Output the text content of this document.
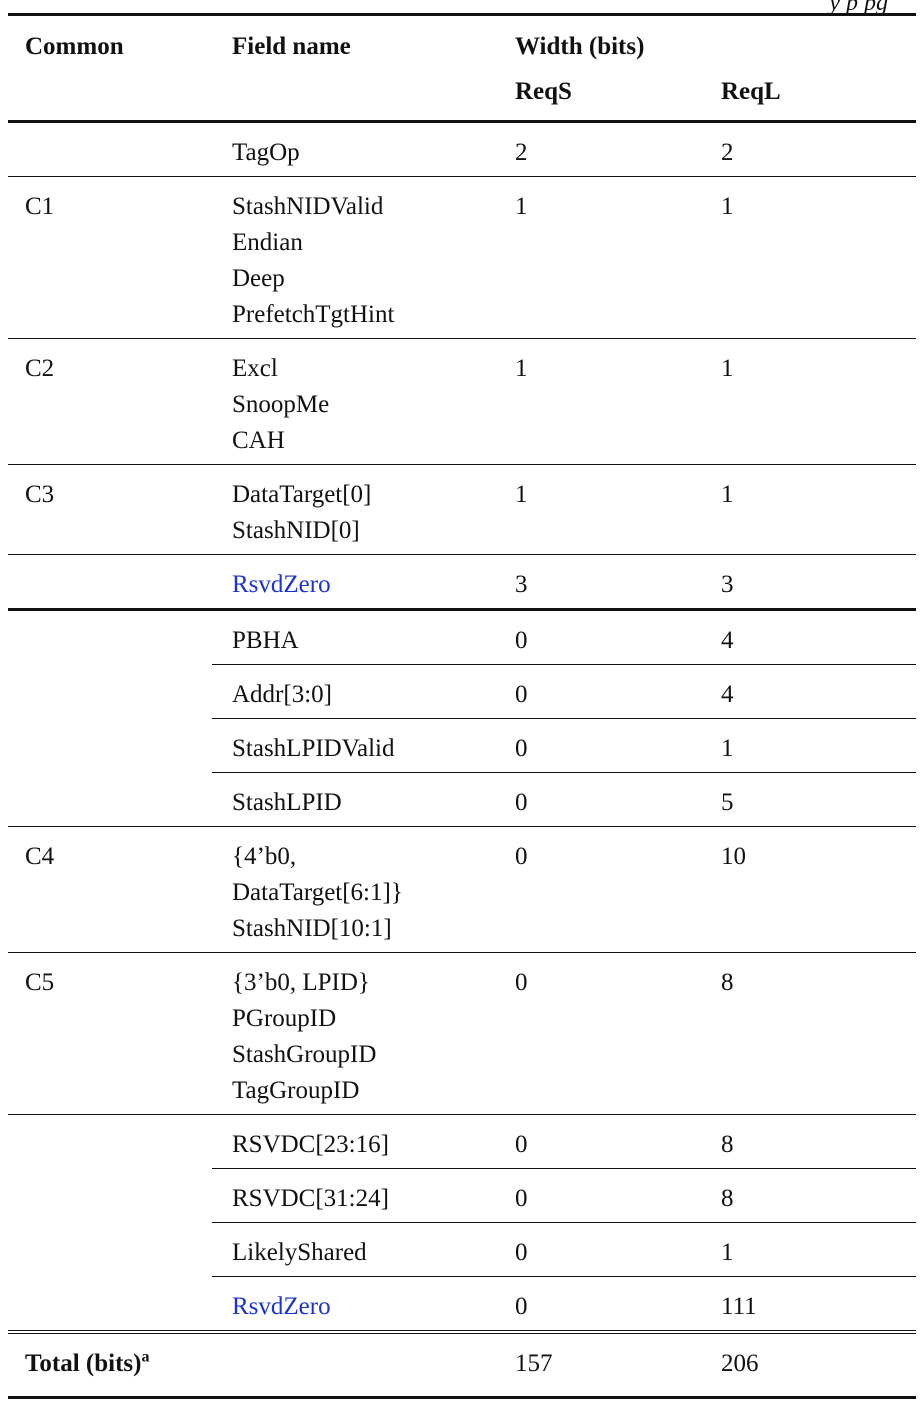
y p pg
Common	Field name	Width (bits)	
		ReqS	ReqL
	TagOp	2	2
C1	StashNIDValid
Endian
Deep
PrefetchTgtHint	1	1
C2	Excl
SnoopMe
CAH	1	1
C3	DataTarget[0]
StashNID[0]	1	1
	RsvdZero	3	3
	PBHA	0	4
	Addr[3:0]	0	4
	StashLPIDValid	0	1
	StashLPID	0	5
C4	{4’b0,
DataTarget[6:1]}
StashNID[10:1]	0	10
C5	{3’b0, LPID}
PGroupID
StashGroupID
TagGroupID	0	8
	RSVDC[23:16]	0	8
	RSVDC[31:24]	0	8
	LikelyShared	0	1
	RsvdZero	0	111
Total (bits)$^a$		157	206
